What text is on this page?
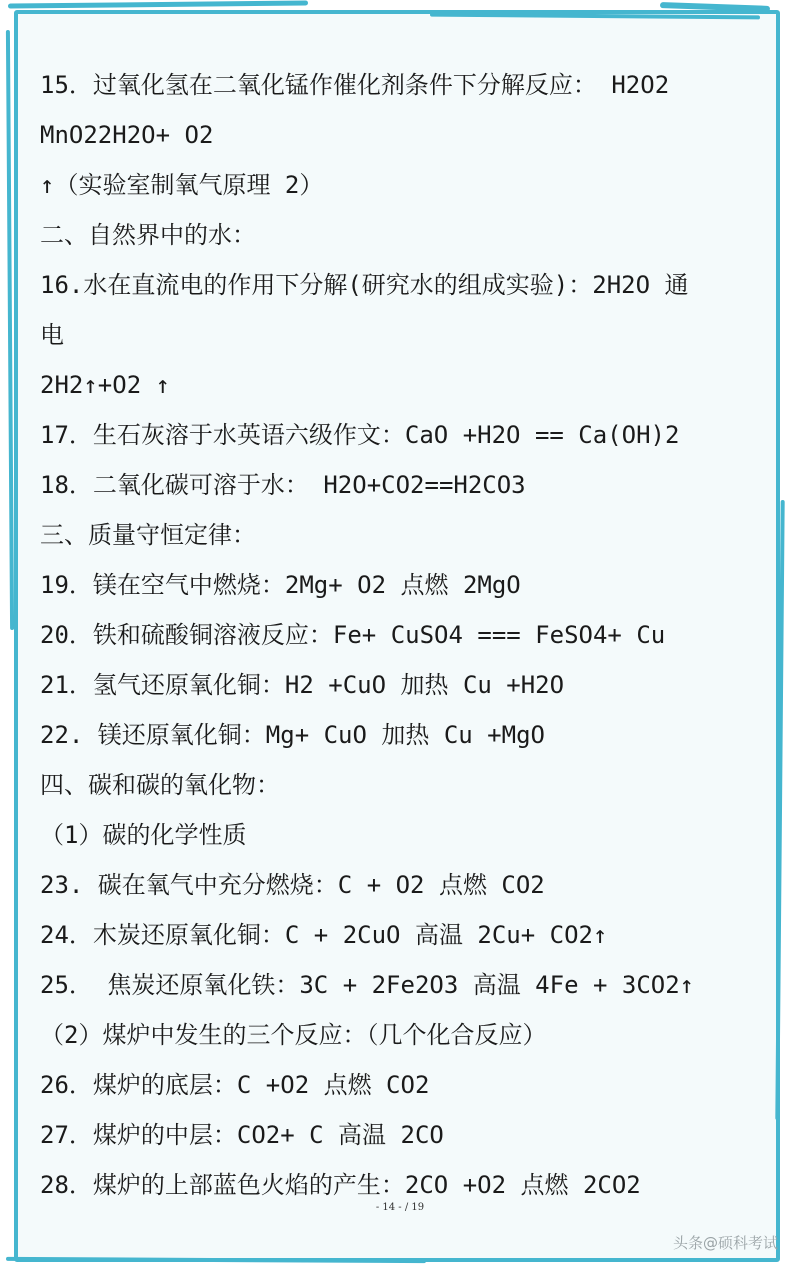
15．过氧化氢在二氧化锰作催化剂条件下分解反应： H2O2
MnO22H2O+ O2
↑（实验室制氧气原理 2）
二、自然界中的水：
16.水在直流电的作用下分解(研究水的组成实验)：2H2O 通
电
2H2↑+O2 ↑
17．生石灰溶于水英语六级作文：CaO +H2O == Ca(OH)2
18．二氧化碳可溶于水： H2O+CO2==H2CO3
三、质量守恒定律：
19．镁在空气中燃烧：2Mg+ O2 点燃 2MgO
20．铁和硫酸铜溶液反应：Fe+ CuSO4 === FeSO4+ Cu
21．氢气还原氧化铜：H2 +CuO 加热 Cu +H2O
22. 镁还原氧化铜：Mg+ CuO 加热 Cu +MgO
四、碳和碳的氧化物：
（1）碳的化学性质
23. 碳在氧气中充分燃烧：C + O2 点燃 CO2
24．木炭还原氧化铜：C + 2CuO 高温 2Cu+ CO2↑
25． 焦炭还原氧化铁：3C + 2Fe2O3 高温 4Fe + 3CO2↑
（2）煤炉中发生的三个反应：（几个化合反应）
26．煤炉的底层：C +O2 点燃 CO2
27．煤炉的中层：CO2+ C 高温 2CO
28．煤炉的上部蓝色火焰的产生：2CO +O2 点燃 2CO2
- 14 - / 19
头条@硕科考试
